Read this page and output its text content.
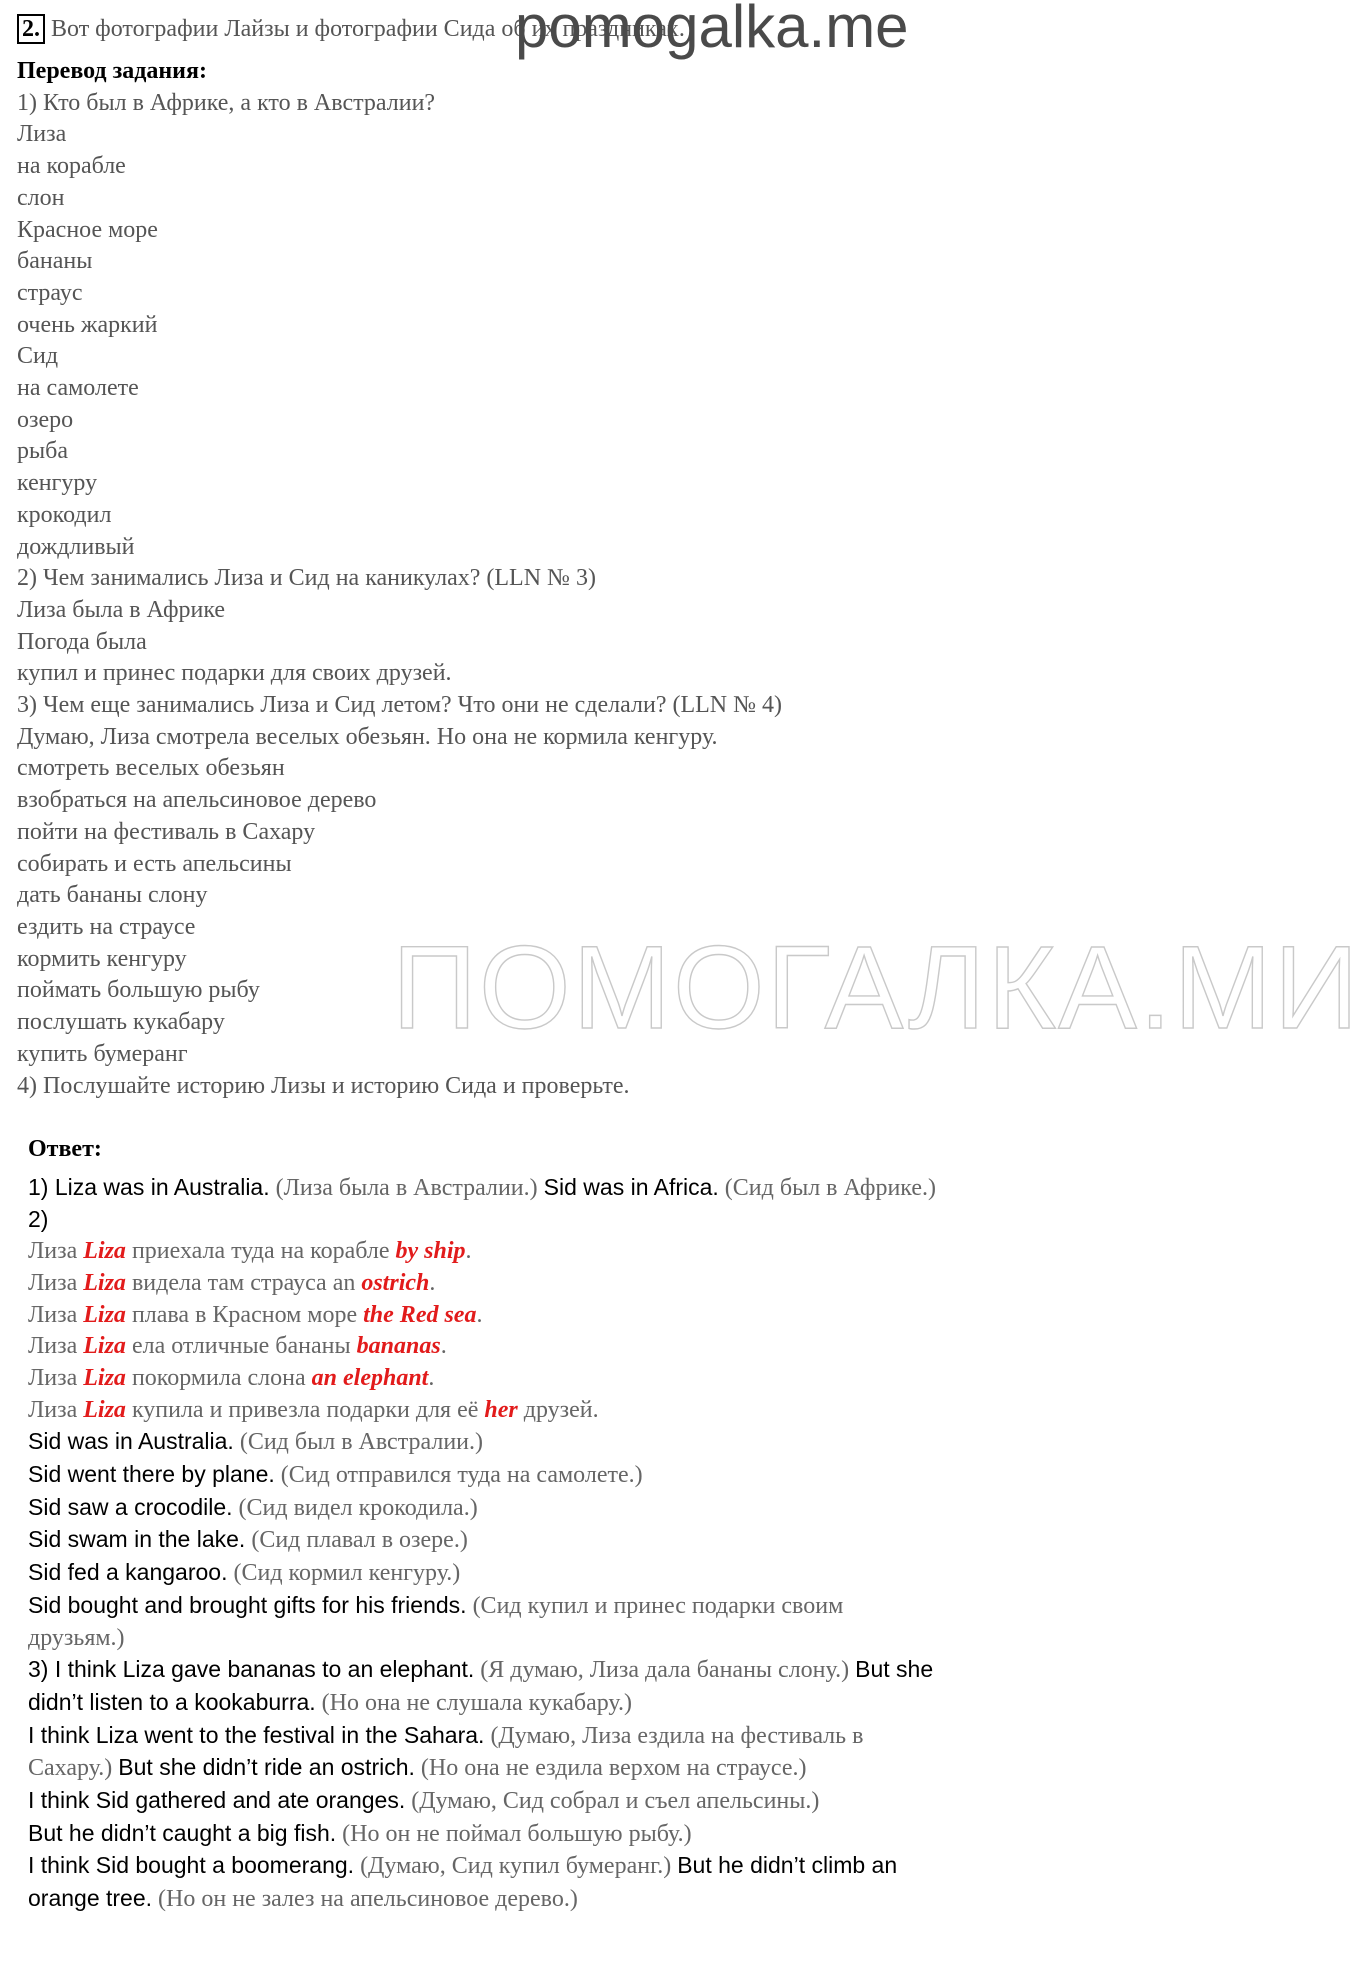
2. Вот фотографии Лайзы и фотографии Сида об их праздниках.
pomogalka.me
Перевод задания:
1) Кто был в Африке, а кто в Австралии?
Лиза
на корабле
слон
Красное море
бананы
страус
очень жаркий
Сид
на самолете
озеро
рыба
кенгуру
крокодил
дождливый
2) Чем занимались Лиза и Сид на каникулах? (LLN № 3)
Лиза была в Африке
Погода была
купил и принес подарки для своих друзей.
3) Чем еще занимались Лиза и Сид летом? Что они не сделали? (LLN № 4)
Думаю, Лиза смотрела веселых обезьян. Но она не кормила кенгуру.
смотреть веселых обезьян
взобраться на апельсиновое дерево
пойти на фестиваль в Сахару
собирать и есть апельсины
дать бананы слону
ездить на страусе
кормить кенгуру
поймать большую рыбу
послушать кукабару
купить бумеранг
4) Послушайте историю Лизы и историю Сида и проверьте.
ПОМОГАЛКА.МИ
Ответ:
1) Liza was in Australia. (Лиза была в Австралии.) Sid was in Africa. (Сид был в Африке.)
2)
Лиза Liza приехала туда на корабле by ship.
Лиза Liza видела там страуса an ostrich.
Лиза Liza плава в Красном море the Red sea.
Лиза Liza ела отличные бананы bananas.
Лиза Liza покормила слона an elephant.
Лиза Liza купила и привезла подарки для её her друзей.
Sid was in Australia. (Сид был в Австралии.)
Sid went there by plane. (Сид отправился туда на самолете.)
Sid saw a crocodile. (Сид видел крокодила.)
Sid swam in the lake. (Сид плавал в озере.)
Sid fed a kangaroo. (Сид кормил кенгуру.)
Sid bought and brought gifts for his friends. (Сид купил и принес подарки своим друзьям.)
3) I think Liza gave bananas to an elephant. (Я думаю, Лиза дала бананы слону.) But she didn’t listen to a kookaburra. (Но она не слушала кукабару.)
I think Liza went to the festival in the Sahara. (Думаю, Лиза ездила на фестиваль в Сахару.) But she didn’t ride an ostrich. (Но она не ездила верхом на страусе.)
I think Sid gathered and ate oranges. (Думаю, Сид собрал и съел апельсины.)
But he didn’t caught a big fish. (Но он не поймал большую рыбу.)
I think Sid bought a boomerang. (Думаю, Сид купил бумеранг.) But he didn’t climb an orange tree. (Но он не залез на апельсиновое дерево.)
